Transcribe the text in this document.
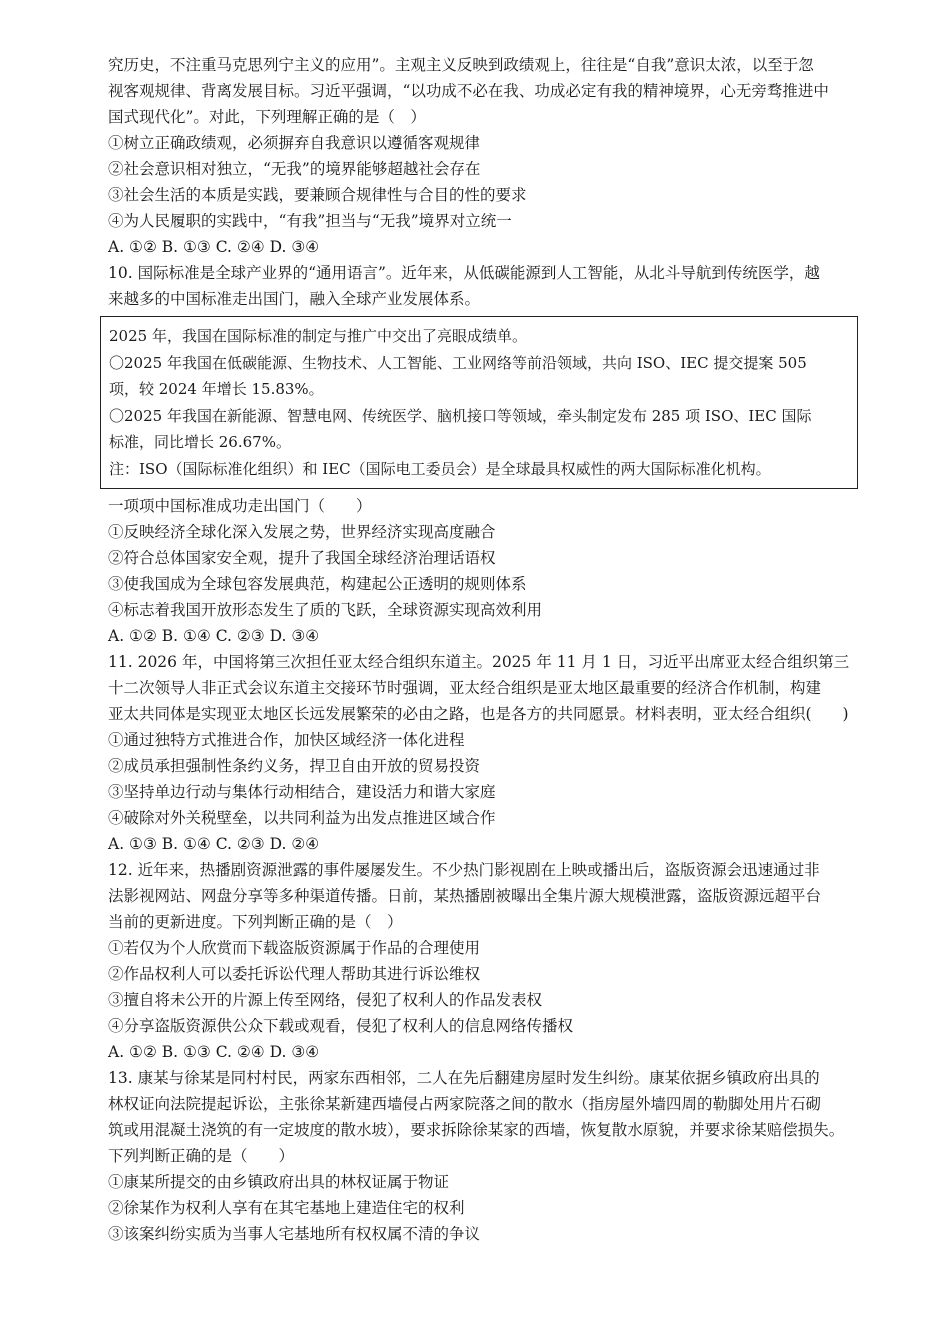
究历史，不注重马克思列宁主义的应用”。主观主义反映到政绩观上，往往是“自我”意识太浓，以至于忽
视客观规律、背离发展目标。习近平强调，“以功成不必在我、功成必定有我的精神境界，心无旁骛推进中
国式现代化”。对此，下列理解正确的是（　）
①树立正确政绩观，必须摒弃自我意识以遵循客观规律
②社会意识相对独立，“无我”的境界能够超越社会存在
③社会生活的本质是实践，要兼顾合规律性与合目的性的要求
④为人民履职的实践中，“有我”担当与“无我”境界对立统一
A. ①② B. ①③ C. ②④ D. ③④
10. 国际标准是全球产业界的“通用语言”。近年来，从低碳能源到人工智能，从北斗导航到传统医学，越
来越多的中国标准走出国门，融入全球产业发展体系。
2025 年，我国在国际标准的制定与推广中交出了亮眼成绩单。
〇2025 年我国在低碳能源、生物技术、人工智能、工业网络等前沿领域，共向 ISO、IEC 提交提案 505
项，较 2024 年增长 15.83%。
〇2025 年我国在新能源、智慧电网、传统医学、脑机接口等领域，牵头制定发布 285 项 ISO、IEC 国际
标准，同比增长 26.67%。
注：ISO（国际标准化组织）和 IEC（国际电工委员会）是全球最具权威性的两大国际标准化机构。
一项项中国标准成功走出国门（　　）
①反映经济全球化深入发展之势，世界经济实现高度融合
②符合总体国家安全观，提升了我国全球经济治理话语权
③使我国成为全球包容发展典范，构建起公正透明的规则体系
④标志着我国开放形态发生了质的飞跃，全球资源实现高效利用
A. ①② B. ①④ C. ②③ D. ③④
11. 2026 年，中国将第三次担任亚太经合组织东道主。2025 年 11 月 1 日，习近平出席亚太经合组织第三
十二次领导人非正式会议东道主交接环节时强调，亚太经合组织是亚太地区最重要的经济合作机制，构建
亚太共同体是实现亚太地区长远发展繁荣的必由之路，也是各方的共同愿景。材料表明，亚太经合组织(　　)
①通过独特方式推进合作，加快区域经济一体化进程
②成员承担强制性条约义务，捍卫自由开放的贸易投资
③坚持单边行动与集体行动相结合，建设活力和谐大家庭
④破除对外关税壁垒，以共同利益为出发点推进区域合作
A. ①③ B. ①④ C. ②③ D. ②④
12. 近年来，热播剧资源泄露的事件屡屡发生。不少热门影视剧在上映或播出后，盗版资源会迅速通过非
法影视网站、网盘分享等多种渠道传播。日前，某热播剧被曝出全集片源大规模泄露，盗版资源远超平台
当前的更新进度。下列判断正确的是（　）
①若仅为个人欣赏而下载盗版资源属于作品的合理使用
②作品权利人可以委托诉讼代理人帮助其进行诉讼维权
③擅自将未公开的片源上传至网络，侵犯了权利人的作品发表权
④分享盗版资源供公众下载或观看，侵犯了权利人的信息网络传播权
A. ①② B. ①③ C. ②④ D. ③④
13. 康某与徐某是同村村民，两家东西相邻，二人在先后翻建房屋时发生纠纷。康某依据乡镇政府出具的
林权证向法院提起诉讼，主张徐某新建西墙侵占两家院落之间的散水（指房屋外墙四周的勒脚处用片石砌
筑或用混凝土浇筑的有一定坡度的散水坡），要求拆除徐某家的西墙，恢复散水原貌，并要求徐某赔偿损失。
下列判断正确的是（　　）
①康某所提交的由乡镇政府出具的林权证属于物证
②徐某作为权利人享有在其宅基地上建造住宅的权利
③该案纠纷实质为当事人宅基地所有权权属不清的争议
